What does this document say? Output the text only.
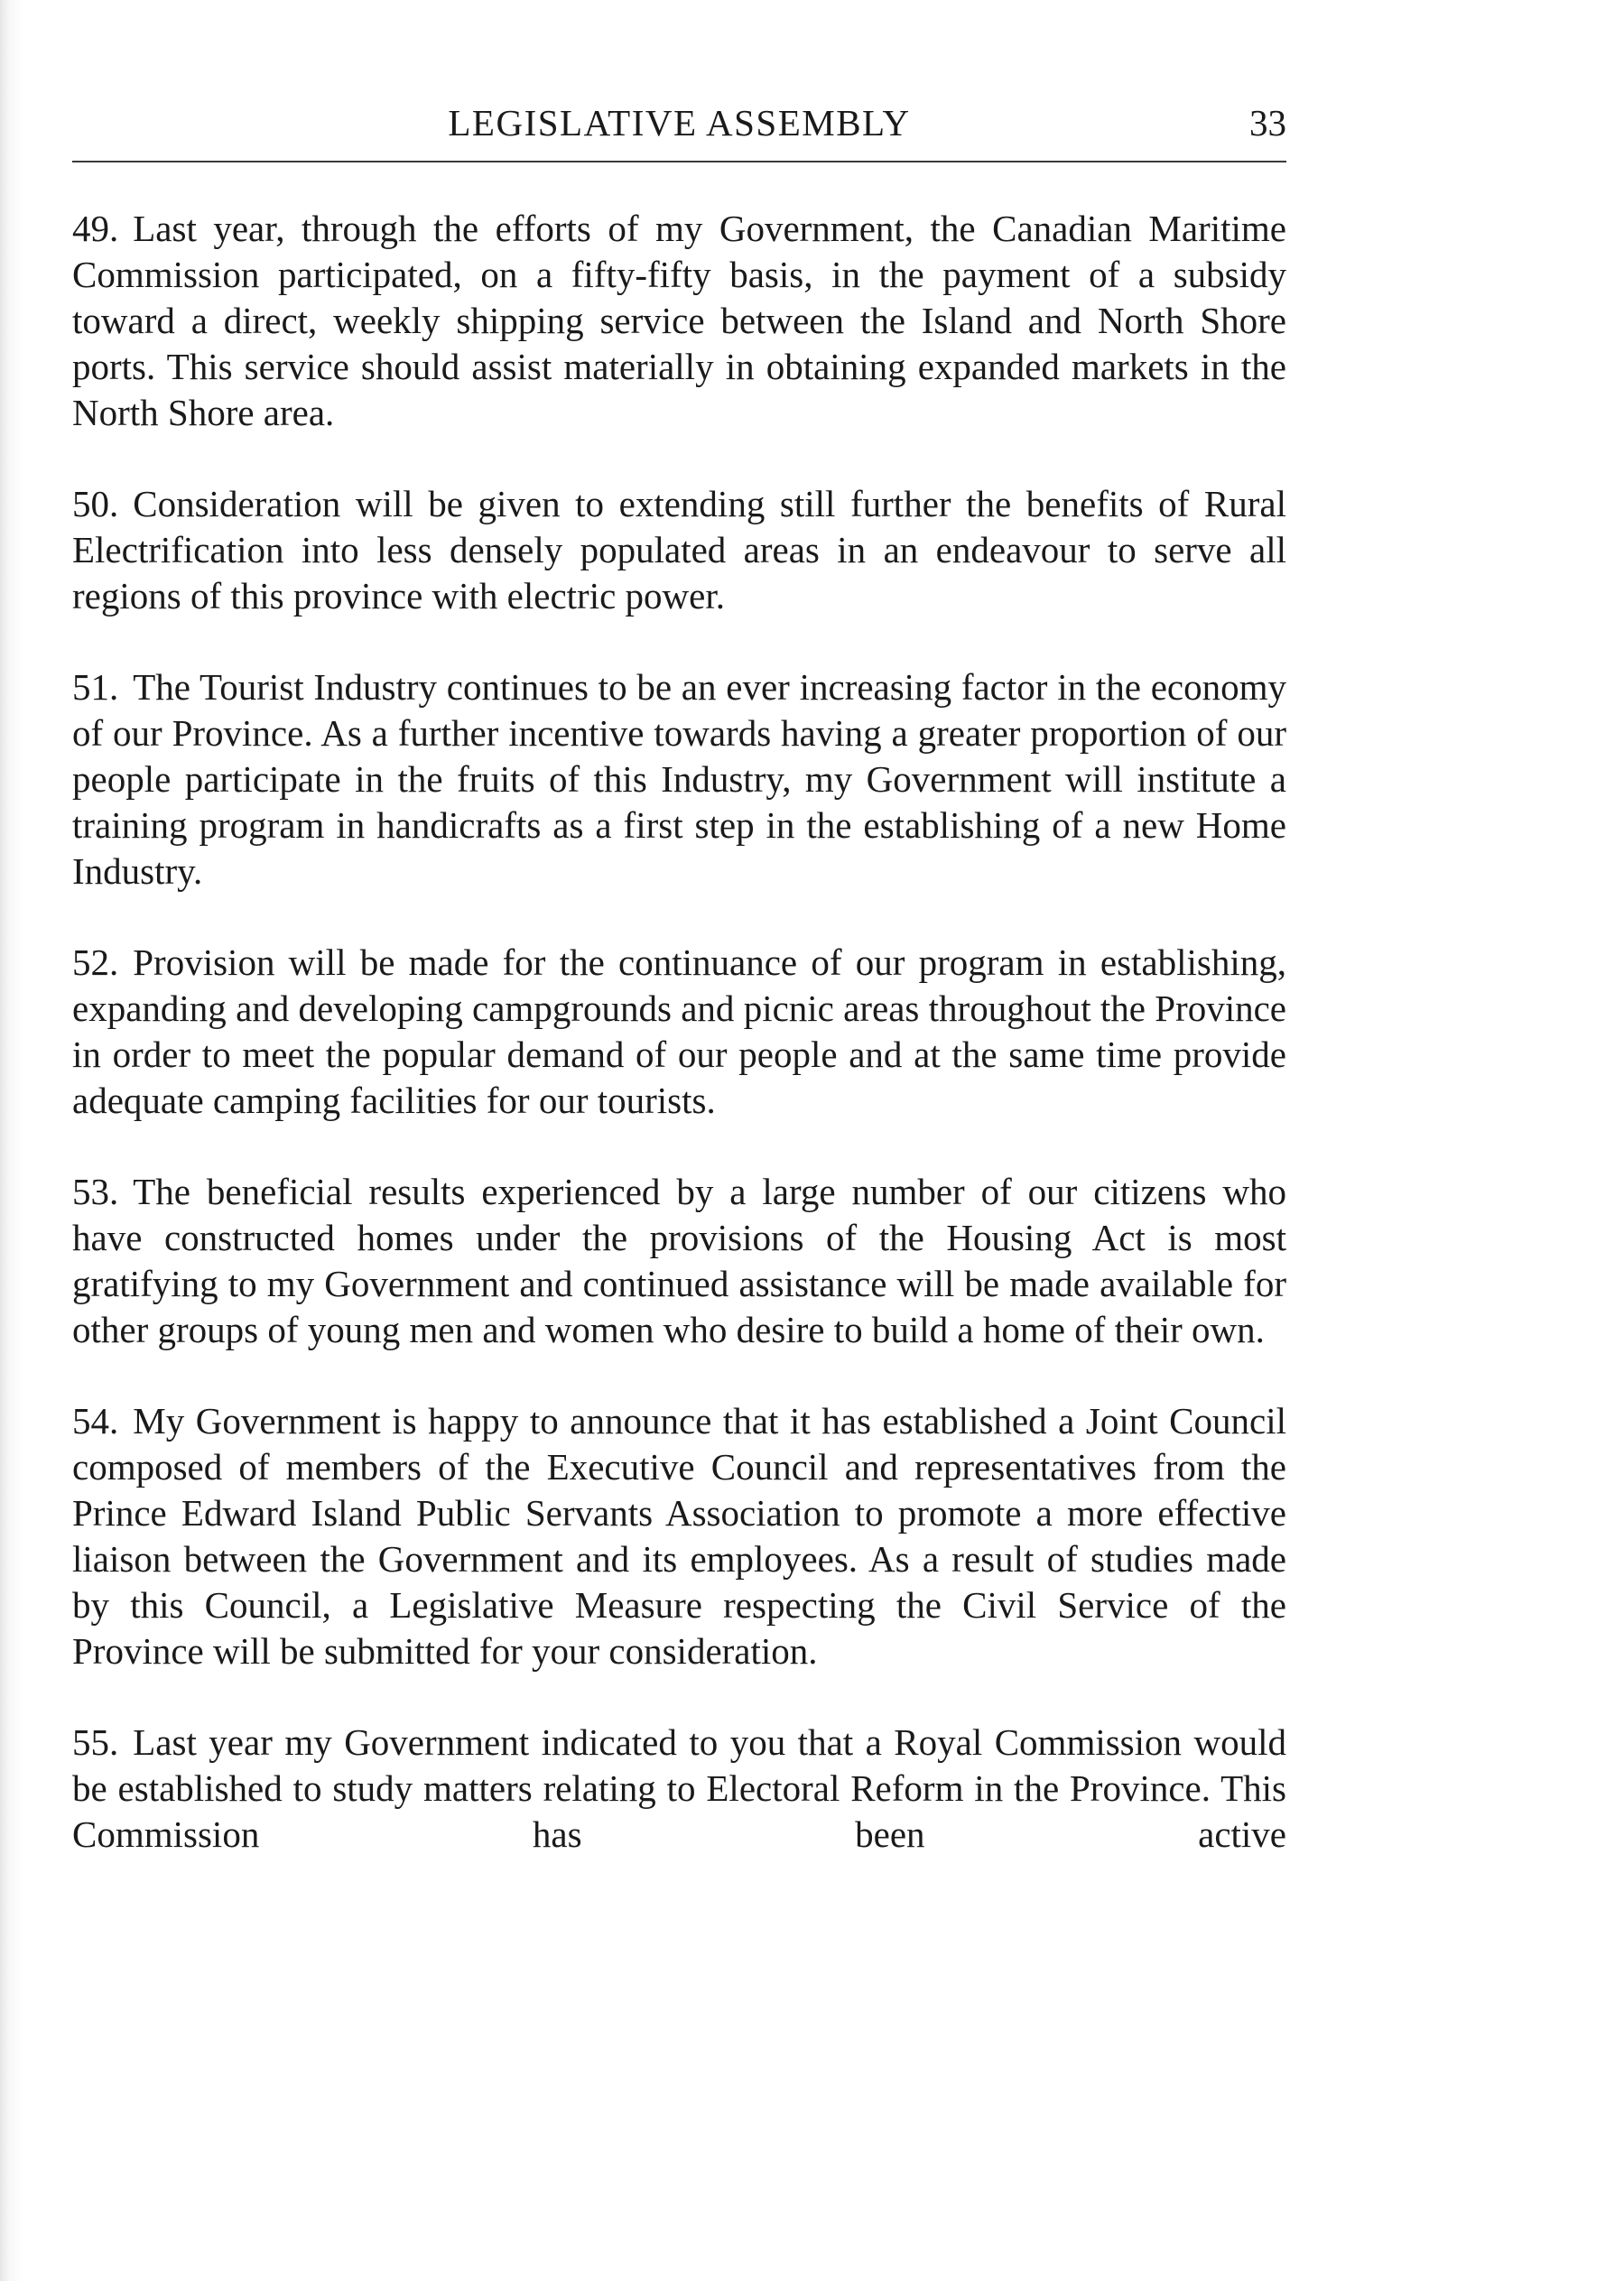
LEGISLATIVE ASSEMBLY	33

49. Last year, through the efforts of my Government, the Canadian Maritime Commission participated, on a fifty-fifty basis, in the payment of a subsidy toward a direct, weekly shipping service between the Island and North Shore ports. This service should assist materially in obtaining expanded markets in the North Shore area.

50. Consideration will be given to extending still further the benefits of Rural Electrification into less densely populated areas in an endeavour to serve all regions of this province with electric power.

51. The Tourist Industry continues to be an ever increasing factor in the economy of our Province. As a further incentive towards having a greater proportion of our people participate in the fruits of this Industry, my Government will institute a training program in handicrafts as a first step in the establishing of a new Home Industry.

52. Provision will be made for the continuance of our program in establishing, expanding and developing campgrounds and picnic areas throughout the Province in order to meet the popular demand of our people and at the same time provide adequate camping facilities for our tourists.

53. The beneficial results experienced by a large number of our citizens who have constructed homes under the provisions of the Housing Act is most gratifying to my Government and continued assistance will be made available for other groups of young men and women who desire to build a home of their own.

54. My Government is happy to announce that it has established a Joint Council composed of members of the Executive Council and representatives from the Prince Edward Island Public Servants Association to promote a more effective liaison between the Government and its employees. As a result of studies made by this Council, a Legislative Measure respecting the Civil Service of the Province will be submitted for your consideration.

55. Last year my Government indicated to you that a Royal Commission would be established to study matters relating to Electoral Reform in the Province. This Commission has been active
